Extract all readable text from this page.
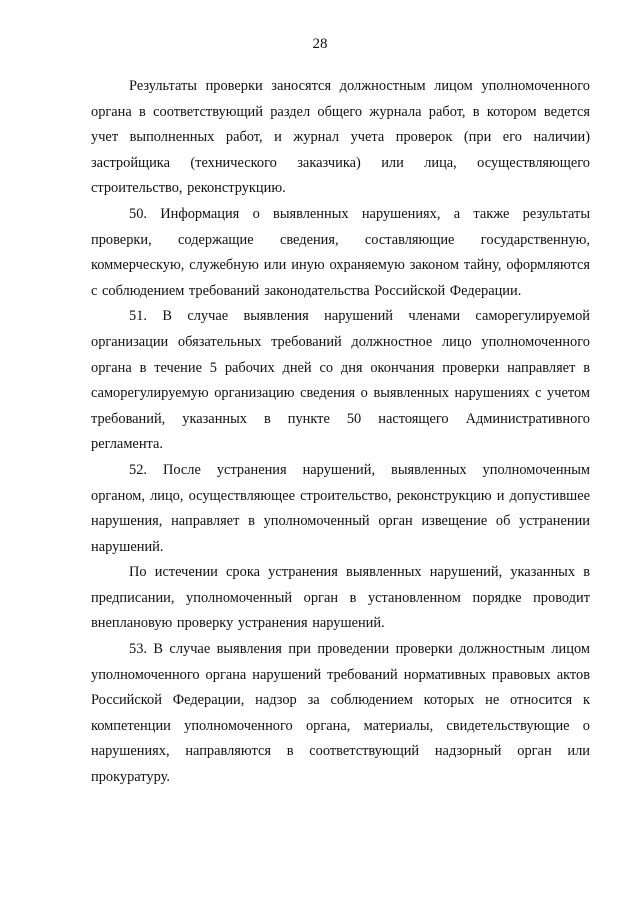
28

Результаты проверки заносятся должностным лицом уполномоченного органа в соответствующий раздел общего журнала работ, в котором ведется учет выполненных работ, и журнал учета проверок (при его наличии) застройщика (технического заказчика) или лица, осуществляющего строительство, реконструкцию.

50. Информация о выявленных нарушениях, а также результаты проверки, содержащие сведения, составляющие государственную, коммерческую, служебную или иную охраняемую законом тайну, оформляются с соблюдением требований законодательства Российской Федерации.

51. В случае выявления нарушений членами саморегулируемой организации обязательных требований должностное лицо уполномоченного органа в течение 5 рабочих дней со дня окончания проверки направляет в саморегулируемую организацию сведения о выявленных нарушениях с учетом требований, указанных в пункте 50 настоящего Административного регламента.

52. После устранения нарушений, выявленных уполномоченным органом, лицо, осуществляющее строительство, реконструкцию и допустившее нарушения, направляет в уполномоченный орган извещение об устранении нарушений.

По истечении срока устранения выявленных нарушений, указанных в предписании, уполномоченный орган в установленном порядке проводит внеплановую проверку устранения нарушений.

53. В случае выявления при проведении проверки должностным лицом уполномоченного органа нарушений требований нормативных правовых актов Российской Федерации, надзор за соблюдением которых не относится к компетенции уполномоченного органа, материалы, свидетельствующие о нарушениях, направляются в соответствующий надзорный орган или прокуратуру.
